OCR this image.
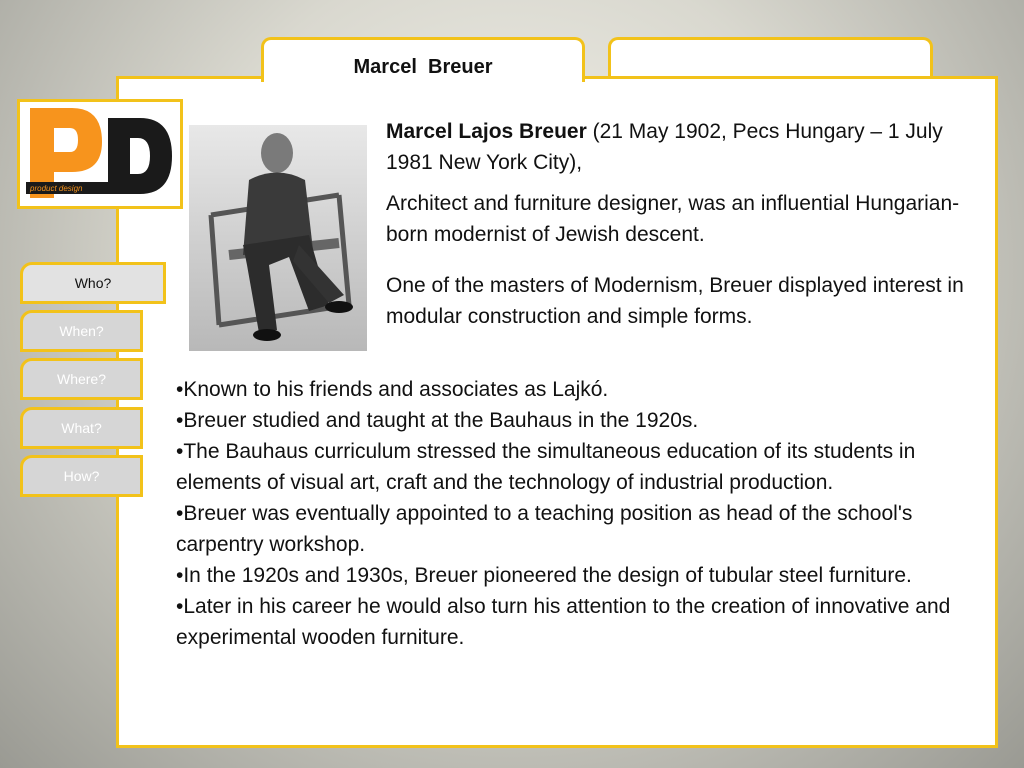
Marcel  Breuer
product design
Who?
When?
Where?
What?
How?

Marcel Lajos Breuer (21 May 1902, Pecs Hungary – 1 July 1981 New York City),

Architect and furniture designer, was an influential Hungarian-born modernist of Jewish descent.

One of the masters of Modernism, Breuer displayed interest in modular construction and simple forms.

•Known to his friends and associates as Lajkó.
•Breuer studied and taught at the Bauhaus in the 1920s.
•The Bauhaus curriculum stressed the simultaneous education of its students in elements of visual art, craft and the technology of industrial production.
•Breuer was eventually appointed to a teaching position as head of the school's carpentry workshop.
•In the 1920s and 1930s, Breuer pioneered the design of tubular steel furniture.
•Later in his career he would also turn his attention to the creation of innovative and experimental wooden furniture.
